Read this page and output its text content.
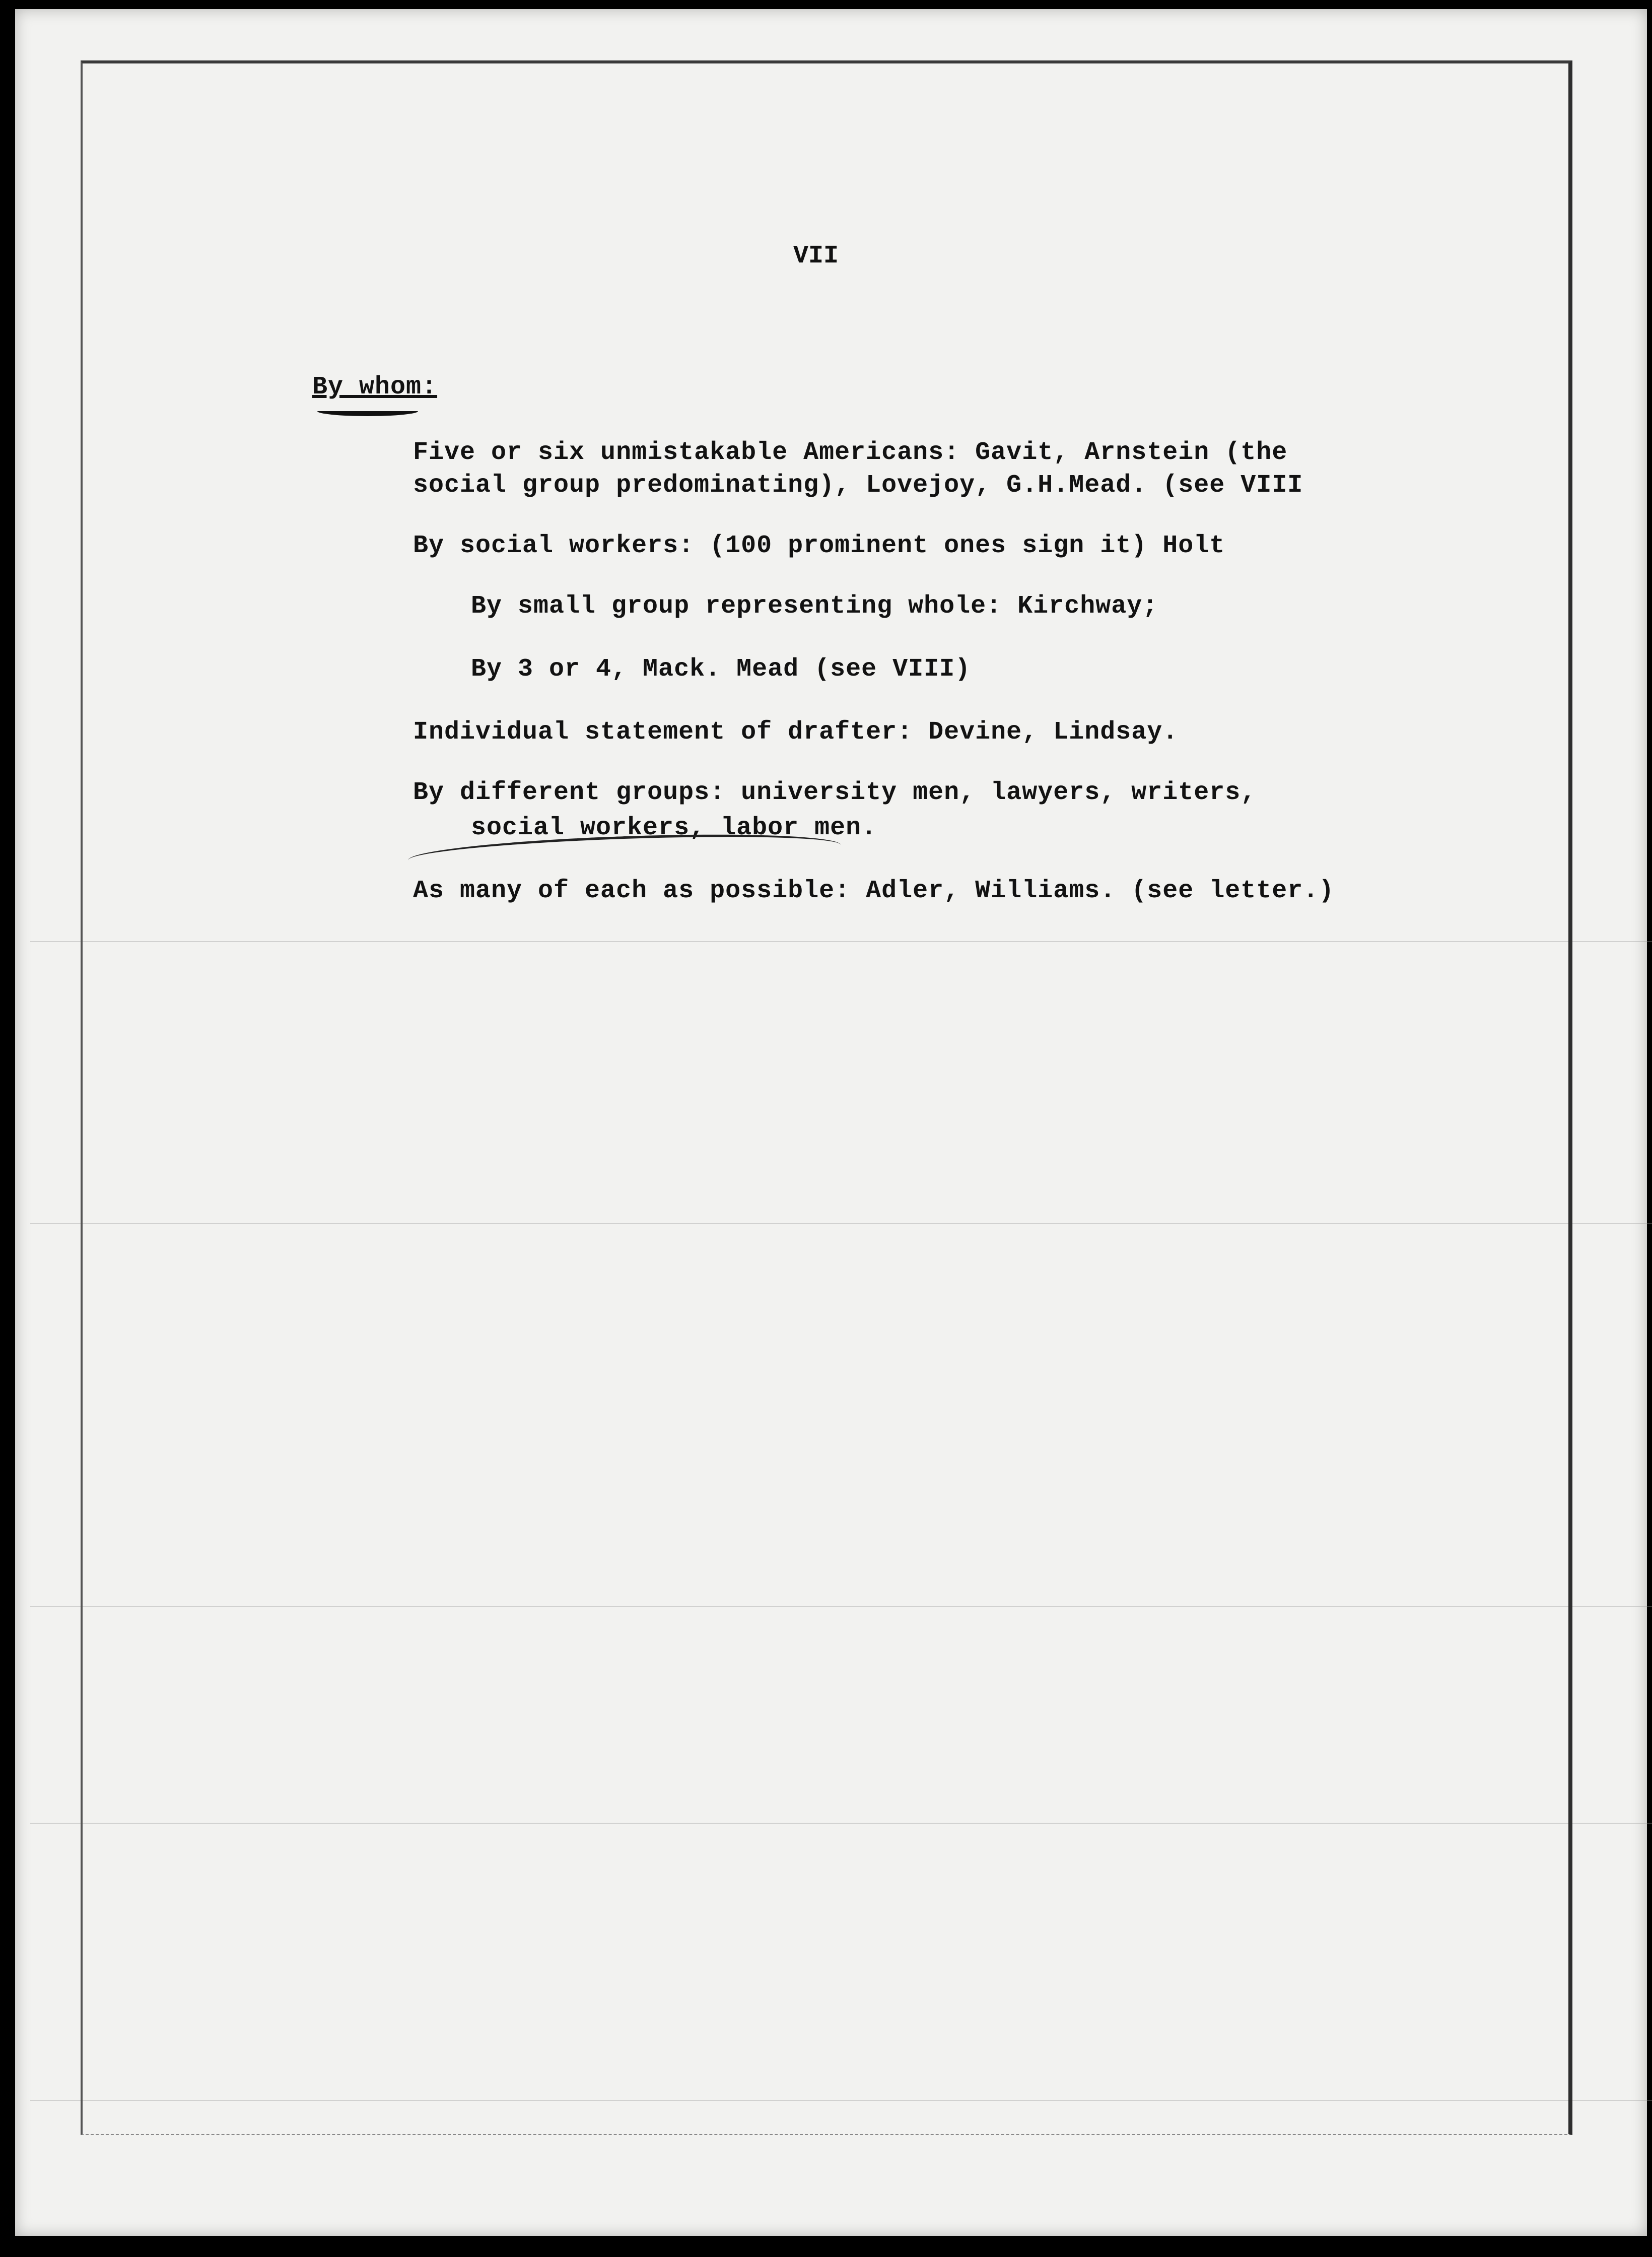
VII
By whom:
Five or six unmistakable Americans: Gavit, Arnstein (the
social group predominating), Lovejoy, G.H.Mead. (see VIII
By social workers: (100 prominent ones sign it) Holt
By small group representing whole: Kirchway;
By 3 or 4, Mack. Mead (see VIII)
Individual statement of drafter: Devine, Lindsay.
By different groups: university men, lawyers, writers,
social workers, labor men.
As many of each as possible: Adler, Williams. (see letter.)
